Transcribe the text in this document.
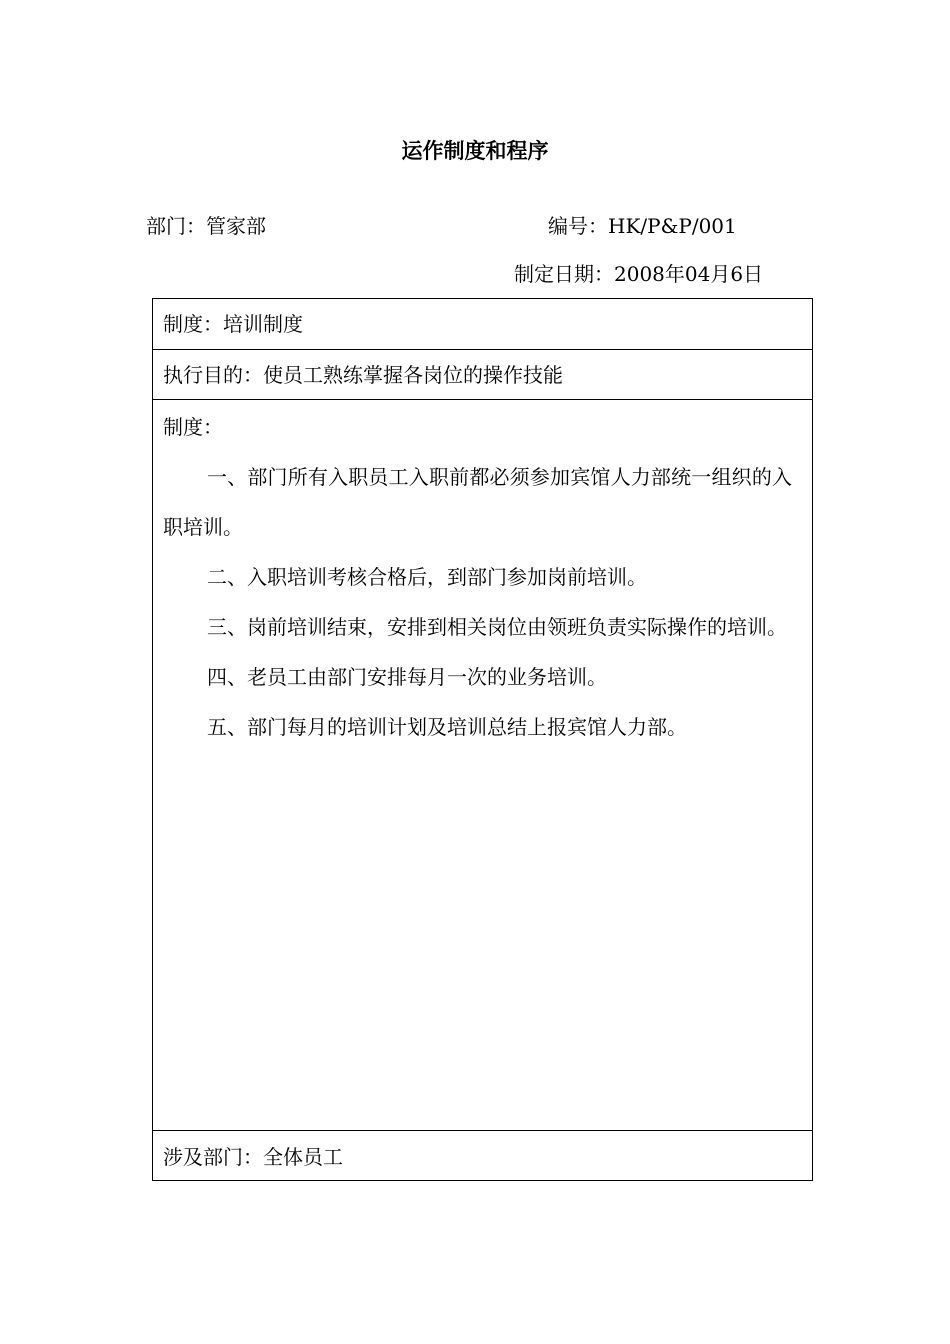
运作制度和程序
部门：管家部	编号：HK/P&P/001
制定日期：2008年04月6日
制度：培训制度
执行目的：使员工熟练掌握各岗位的操作技能

制度：

一、部门所有入职员工入职前都必须参加宾馆人力部统一组织的入职培训。

二、入职培训考核合格后，到部门参加岗前培训。

三、岗前培训结束，安排到相关岗位由领班负责实际操作的培训。

四、老员工由部门安排每月一次的业务培训。

五、部门每月的培训计划及培训总结上报宾馆人力部。

涉及部门：全体员工
